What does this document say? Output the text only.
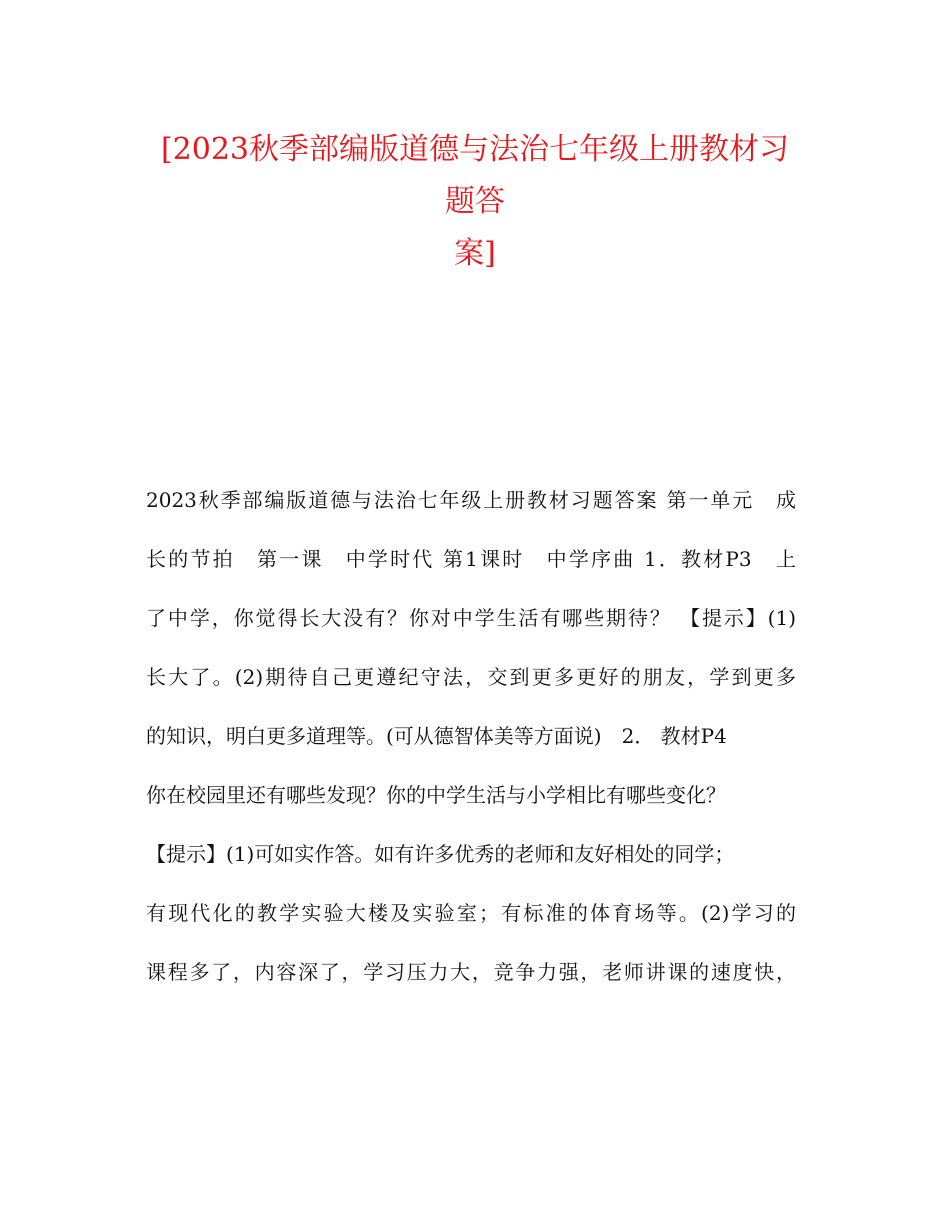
[2023秋季部编版道德与法治七年级上册教材习题答
案]
2023秋季部编版道德与法治七年级上册教材习题答案 第一单元　成
长的节拍　第一课　中学时代 第1课时　中学序曲 1．教材P3　上
了中学，你觉得长大没有？你对中学生活有哪些期待？ 【提示】(1)
长大了。(2)期待自己更遵纪守法，交到更多更好的朋友，学到更多
的知识，明白更多道理等。(可从德智体美等方面说)　2． 教材P4
你在校园里还有哪些发现？你的中学生活与小学相比有哪些变化？
【提示】(1)可如实作答。如有许多优秀的老师和友好相处的同学；
有现代化的教学实验大楼及实验室；有标准的体育场等。(2)学习的
课程多了，内容深了，学习压力大，竞争力强，老师讲课的速度快，
